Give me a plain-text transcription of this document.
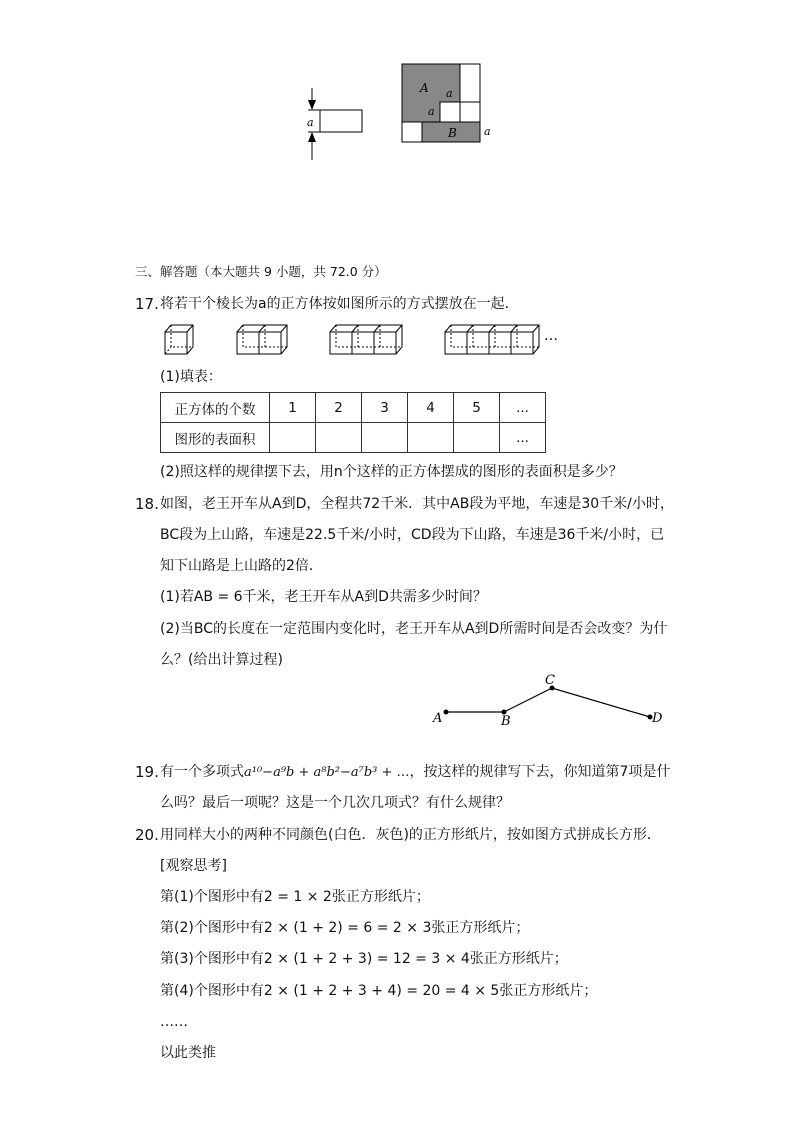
a
A a
a
B a
三、解答题（本大题共 9 小题，共 72.0 分）
17. 将若干个棱长为a的正方体按如图所示的方式摆放在一起．
…
(1)填表：
正方体的个数	1	2	3	4	5	...
图形的表面积						...
(2)照这样的规律摆下去，用n个这样的正方体摆成的图形的表面积是多少？
18. 如图，老王开车从A到D，全程共72千米．其中AB段为平地，车速是30千米/小时，
BC段为上山路，车速是22.5千米/小时，CD段为下山路，车速是36千米/小时，已
知下山路是上山路的2倍．
(1)若AB = 6千米，老王开车从A到D共需多少时间？
(2)当BC的长度在一定范围内变化时，老王开车从A到D所需时间是否会改变？为什
么？(给出计算过程)
A	B
C
D
19. 有一个多项式a¹⁰−a⁹b + a⁸b²−a⁷b³ + …，按这样的规律写下去，你知道第7项是什
么吗？最后一项呢？这是一个几次几项式？有什么规律？
20. 用同样大小的两种不同颜色(白色．灰色)的正方形纸片，按如图方式拼成长方形．
[观察思考]
第(1)个图形中有2 = 1 × 2张正方形纸片；
第(2)个图形中有2 × (1 + 2) = 6 = 2 × 3张正方形纸片；
第(3)个图形中有2 × (1 + 2 + 3) = 12 = 3 × 4张正方形纸片；
第(4)个图形中有2 × (1 + 2 + 3 + 4) = 20 = 4 × 5张正方形纸片；
……
以此类推
